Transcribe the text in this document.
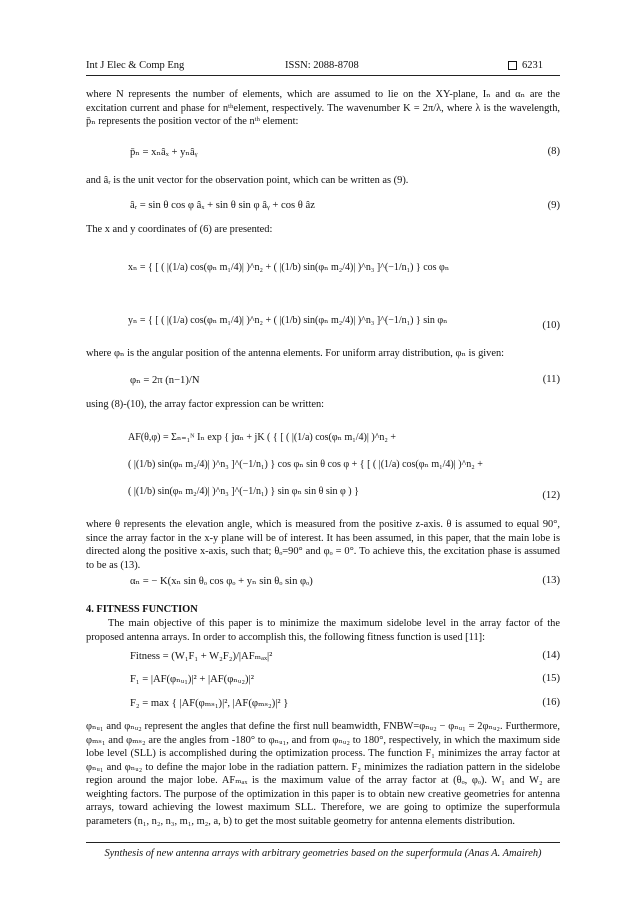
Int J Elec & Comp Eng	ISSN: 2088-8708	6231

where N represents the number of elements, which are assumed to lie on the XY-plane, Iₙ and αₙ are the excitation current and phase for nᵗʰelement, respectively. The wavenumber K = 2π/λ, where λ is the wavelength, p̄ₙ represents the position vector of the nᵗʰ element:

p̄ₙ = xₙâₓ + yₙâᵧ	(8)

and âᵣ is the unit vector for the observation point, which can be written as (9).

âᵣ = sin θ cos φ âₓ + sin θ sin φ âᵧ + cos θ âz	(9)

The x and y coordinates of (6) are presented:

xₙ = { [ ( |(1/a) cos(φₙ m₁/4)| )^n₂ + ( |(1/b) sin(φₙ m₂/4)| )^n₃ ]^(−1/n₁) } cos φₙ
yₙ = { [ ( |(1/a) cos(φₙ m₁/4)| )^n₂ + ( |(1/b) sin(φₙ m₂/4)| )^n₃ ]^(−1/n₁) } sin φₙ	(10)

where φₙ is the angular position of the antenna elements. For uniform array distribution, φₙ is given:

φₙ = 2π (n−1)/N	(11)

using (8)-(10), the array factor expression can be written:

AF(θ,φ) = Σₙ₌₁ᴺ Iₙ exp { jαₙ + jK ( { [ ( |(1/a) cos(φₙ m₁/4)| )^n₂ +
( |(1/b) sin(φₙ m₂/4)| )^n₃ ]^(−1/n₁) } cos φₙ sin θ cos φ + { [ ( |(1/a) cos(φₙ m₁/4)| )^n₂ +
( |(1/b) sin(φₙ m₂/4)| )^n₃ ]^(−1/n₁) } sin φₙ sin θ sin φ ) }	(12)

where θ represents the elevation angle, which is measured from the positive z-axis. θ is assumed to equal 90°, since the array factor in the x-y plane will be of interest. It has been assumed, in this paper, that the main lobe is directed along the positive x-axis, such that; θₒ=90° and φₒ = 0°. To achieve this, the excitation phase is assumed to be as (13).

αₙ = − K(xₙ sin θₒ cos φₒ + yₙ sin θₒ sin φₒ)	(13)
4. FITNESS FUNCTION

The main objective of this paper is to minimize the maximum sidelobe level in the array factor of the proposed antenna arrays. In order to accomplish this, the following fitness function is used [11]:

Fitness = (W₁F₁ + W₂F₂)/|AFₘₐₓ|²	(14)
F₁ = |AF(φₙᵤ₁)|² + |AF(φₙᵤ₂)|²	(15)
F₂ = max { |AF(φₘₛ₁)|², |AF(φₘₛ₂)|² }	(16)

φₙᵤ₁ and φₙᵤ₂ represent the angles that define the first null beamwidth, FNBW=φₙᵤ₂ − φₙᵤ₁ = 2φₙᵤ₂. Furthermore, φₘₛ₁ and φₘₛ₂ are the angles from -180° to φₙᵤ₁, and from φₙᵤ₂ to 180°, respectively, in which the maximum side lobe level (SLL) is accomplished during the optimization process. The function F₁ minimizes the array factor at φₙᵤ₁ and φₙᵤ₂ to define the major lobe in the radiation pattern. F₂ minimizes the radiation pattern in the sidelobe region around the major lobe. AFₘₐₓ is the maximum value of the array factor at (θₒ, φₒ). W₁ and W₂ are weighting factors. The purpose of the optimization in this paper is to obtain new creative geometries for antenna arrays, toward achieving the lowest maximum SLL. Therefore, we are going to optimize the superformula parameters (n₁, n₂, n₃, m₁, m₂, a, b) to get the most suitable geometry for antenna elements distribution.

Synthesis of new antenna arrays with arbitrary geometries based on the superformula (Anas A. Amaireh)
